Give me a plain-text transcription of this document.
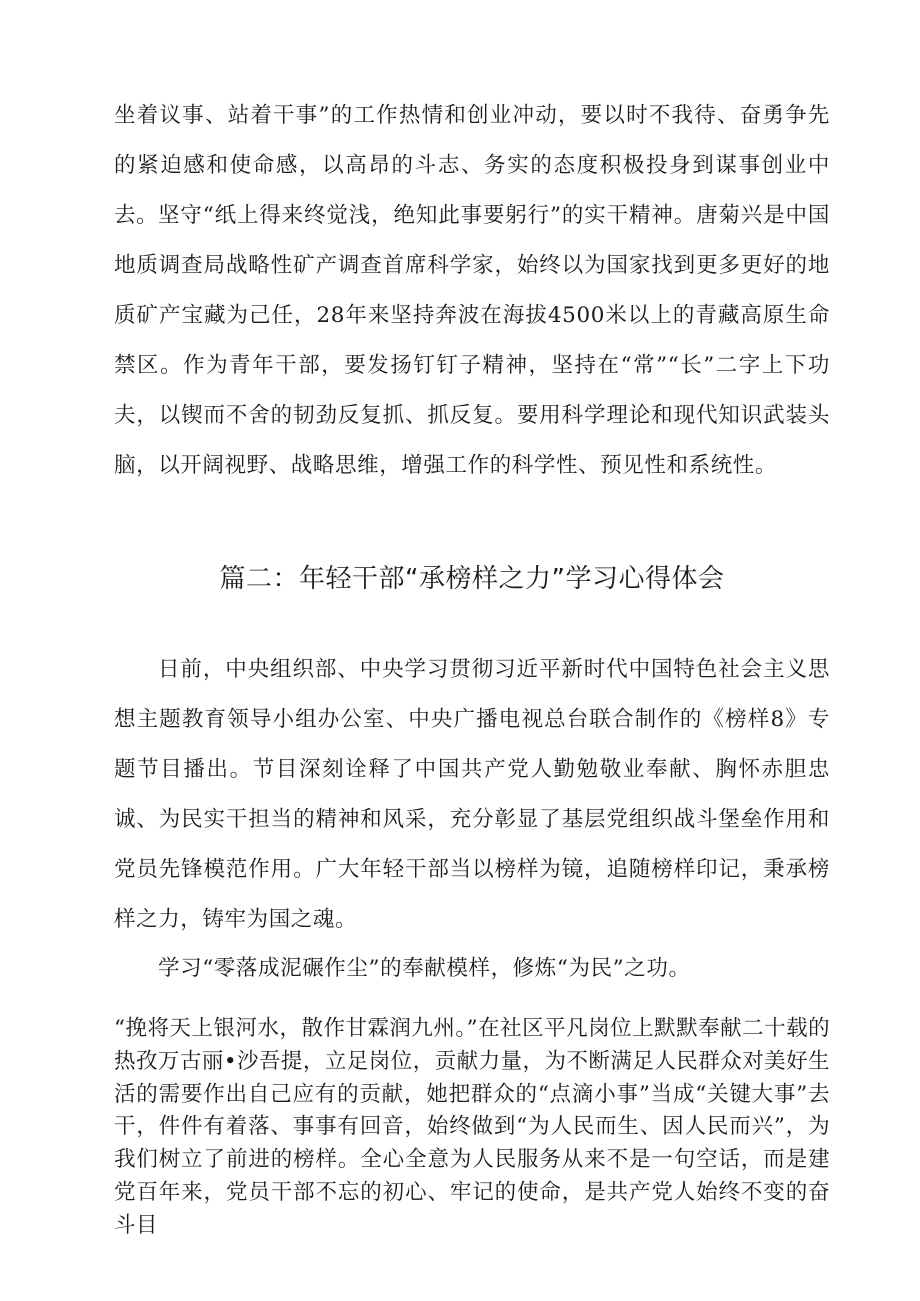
坐着议事、站着干事”的工作热情和创业冲动，要以时不我待、奋勇争先的紧迫感和使命感，以高昂的斗志、务实的态度积极投身到谋事创业中去。 坚守“纸上得来终觉浅，绝知此事要躬行”的实干精神。唐菊兴是中国地质调查局战略性矿产调查首席科学家，始终以为国家找到更多更好的地质矿产宝藏为己任，28年来坚持奔波在海拔4500米以上的青藏高原生命禁区。作为青年干部，要发扬钉钉子精神，坚持在“常”“长”二字上下功夫，以锲而不舍的韧劲反复抓、抓反复。要用科学理论和现代知识武装头脑，以开阔视野、战略思维，增强工作的科学性、预见性和系统性。

篇二：年轻干部“承榜样之力”学习心得体会

日前，中央组织部、中央学习贯彻习近平新时代中国特色社会主义思想主题教育领导小组办公室、中央广播电视总台联合制作的《榜样8》专题节目播出。节目深刻诠释了中国共产党人勤勉敬业奉献、胸怀赤胆忠诚、为民实干担当的精神和风采，充分彰显了基层党组织战斗堡垒作用和党员先锋模范作用。广大年轻干部当以榜样为镜，追随榜样印记，秉承榜样之力，铸牢为国之魂。

学习“零落成泥碾作尘”的奉献模样，修炼“为民”之功。

“挽将天上银河水，散作甘霖润九州。”在社区平凡岗位上默默奉献二十载的热孜万古丽•沙吾提，立足岗位，贡献力量，为不断满足人民群众对美好生活的需要作出自己应有的贡献，她把群众的“点滴小事”当成“关键大事”去干，件件有着落、事事有回音，始终做到“为人民而生、因人民而兴”，为我们树立了前进的榜样。全心全意为人民服务从来不是一句空话，而是建党百年来，党员干部不忘的初心、牢记的使命，是共产党人始终不变的奋斗目
